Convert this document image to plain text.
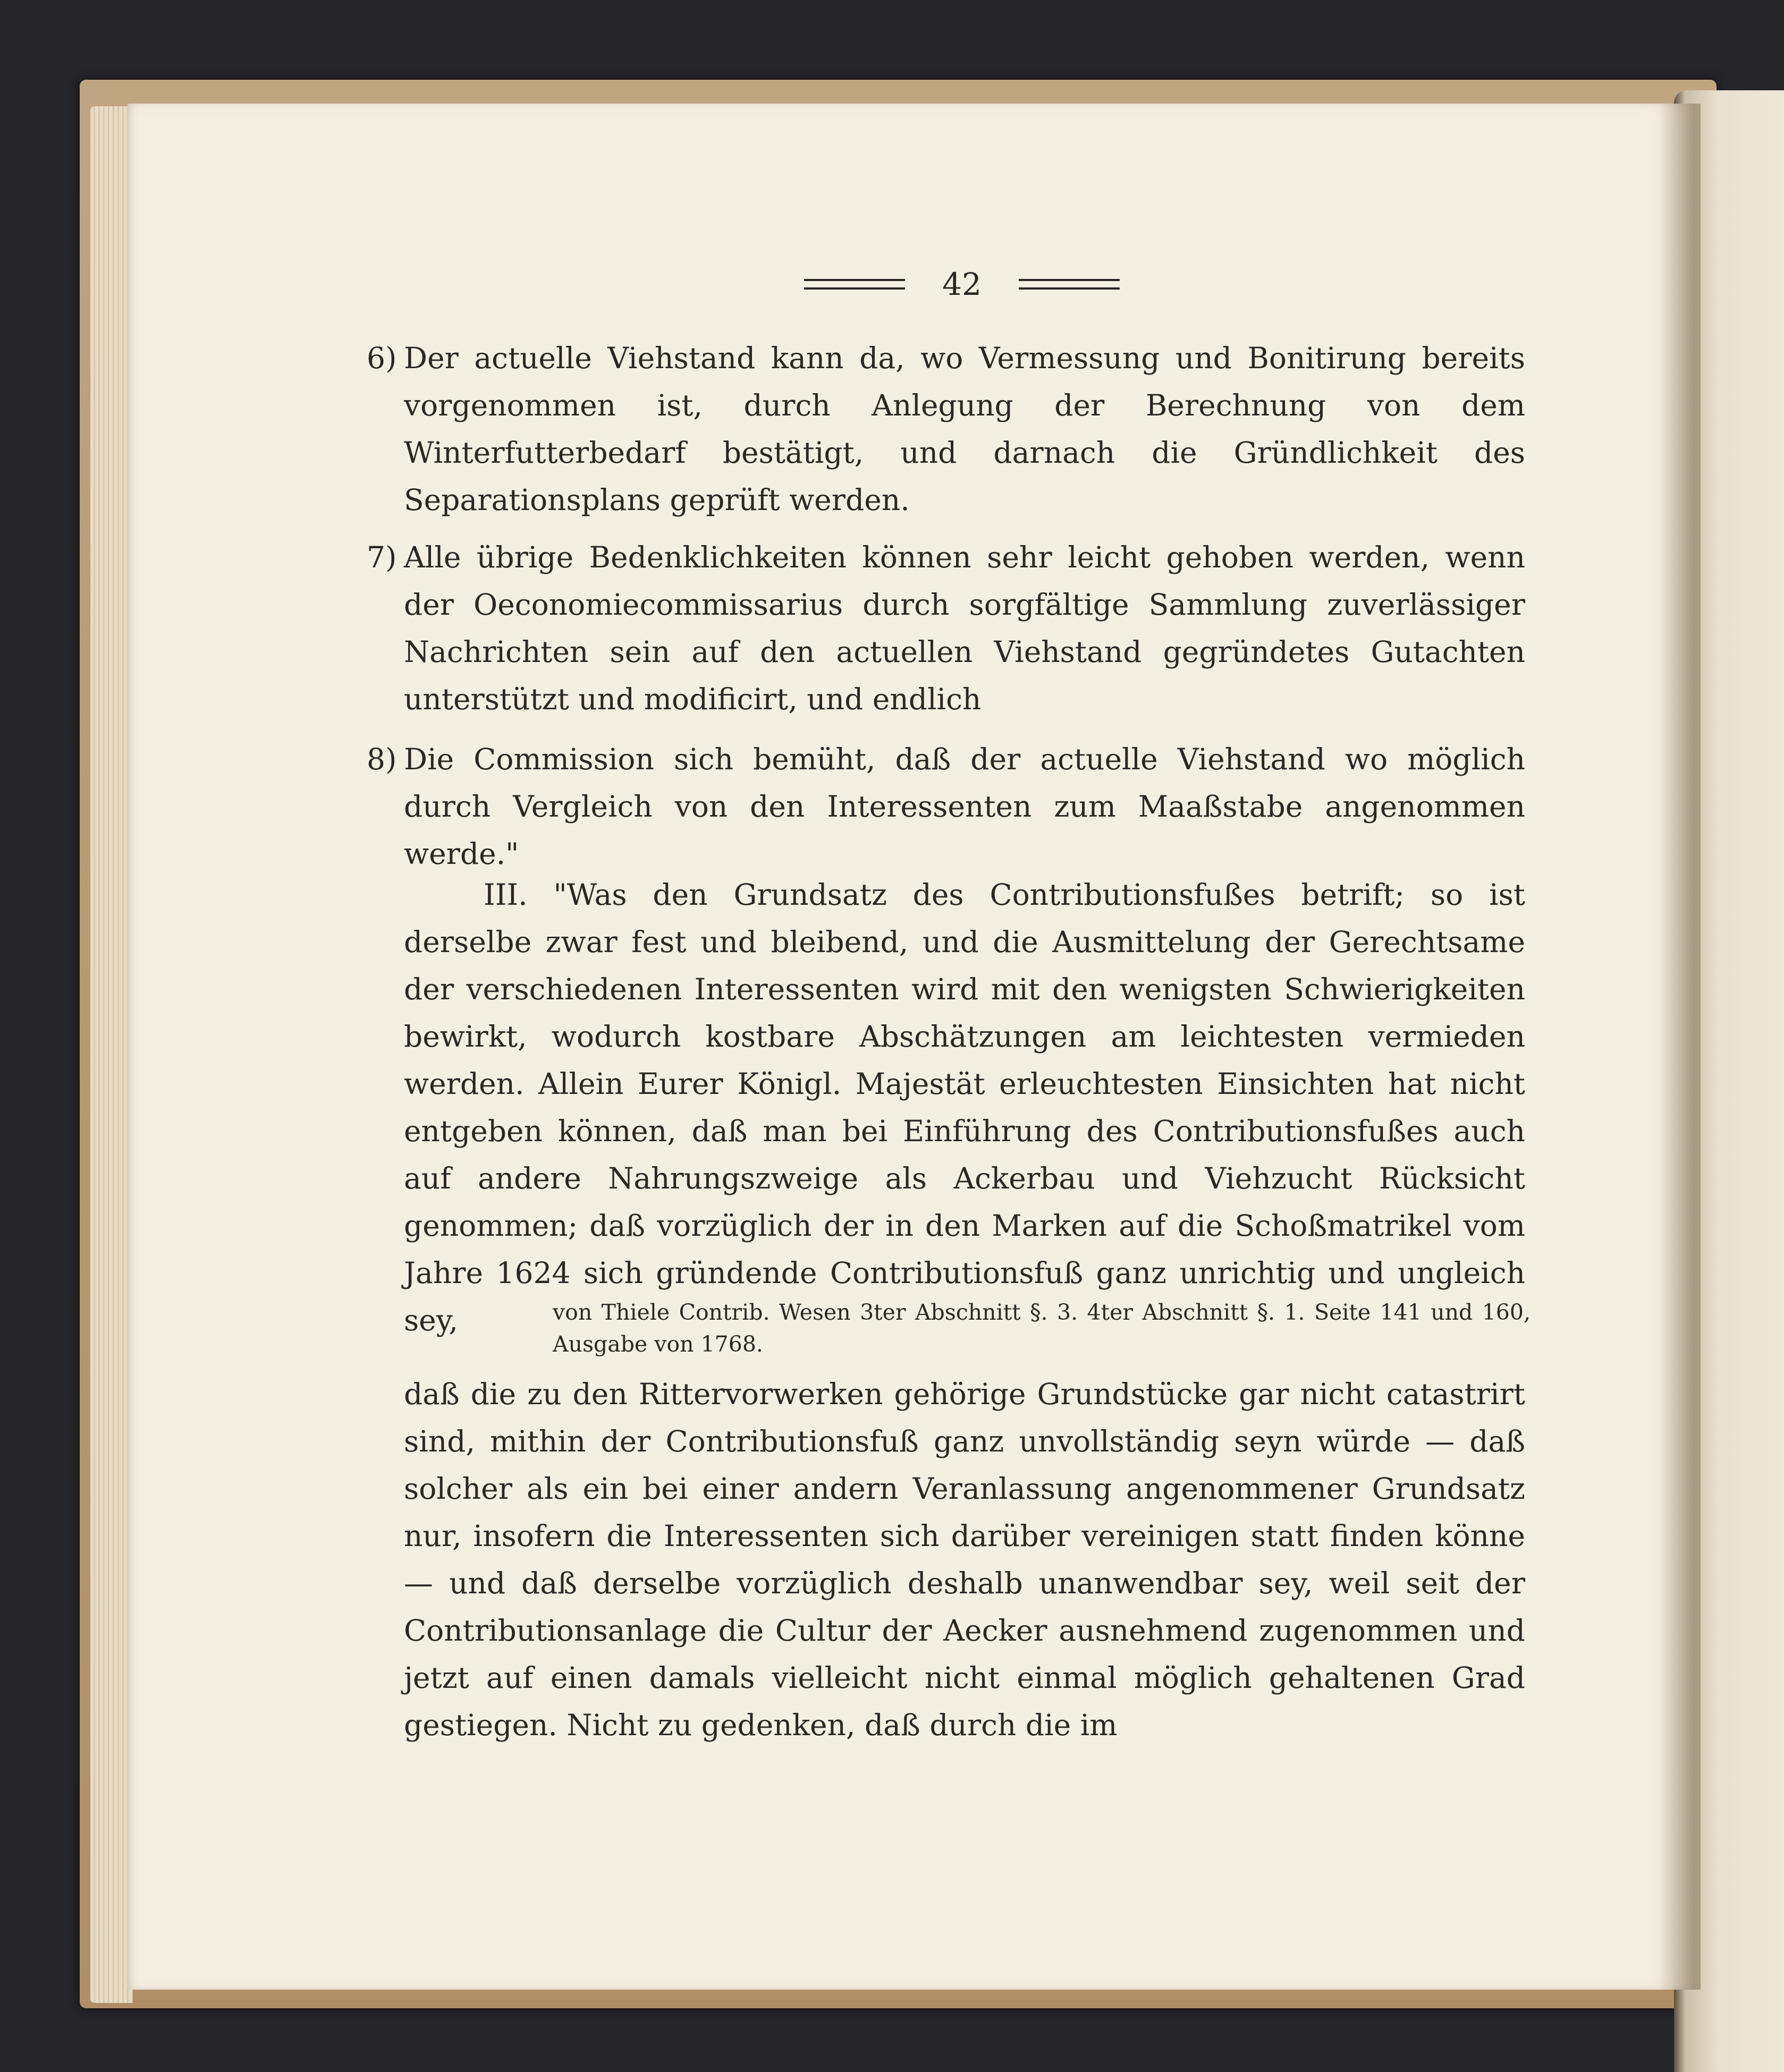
42
6) Der actuelle Viehstand kann da, wo Vermessung und Bonitirung bereits vorgenommen ist, durch Anlegung der Berechnung von dem Winterfutterbedarf bestätigt, und darnach die Gründlichkeit des Separationsplans geprüft werden.
7) Alle übrige Bedenklichkeiten können sehr leicht gehoben werden, wenn der Oeconomiecommissarius durch sorgfältige Sammlung zuverlässiger Nachrichten sein auf den actuellen Viehstand gegründetes Gutachten unterstützt und modificirt, und endlich
8) Die Commission sich bemüht, daß der actuelle Viehstand wo möglich durch Vergleich von den Interessenten zum Maaßstabe angenommen werde."
III. "Was den Grundsatz des Contributionsfußes betrift; so ist derselbe zwar fest und bleibend, und die Ausmittelung der Gerechtsame der verschiedenen Interessenten wird mit den wenigsten Schwierigkeiten bewirkt, wodurch kostbare Abschätzungen am leichtesten vermieden werden. Allein Eurer Königl. Majestät erleuchtesten Einsichten hat nicht entgeben können, daß man bei Einführung des Contributionsfußes auch auf andere Nahrungszweige als Ackerbau und Viehzucht Rücksicht genommen; daß vorzüglich der in den Marken auf die Schoßmatrikel vom Jahre 1624 sich gründende Contributionsfuß ganz unrichtig und ungleich sey,	von Thiele Contrib. Wesen 3ter Abschnitt §. 3. 4ter Abschnitt §. 1. Seite 141 und 160, Ausgabe von 1768.
daß die zu den Rittervorwerken gehörige Grundstücke gar nicht catastrirt sind, mithin der Contributionsfuß ganz unvollständig seyn würde — daß solcher als ein bei einer andern Veranlassung angenommener Grundsatz nur, insofern die Interessenten sich darüber vereinigen statt finden könne — und daß derselbe vorzüglich deshalb unanwendbar sey, weil seit der Contributionsanlage die Cultur der Aecker ausnehmend zugenommen und jetzt auf einen damals vielleicht nicht einmal möglich gehaltenen Grad gestiegen. Nicht zu gedenken, daß durch die im
